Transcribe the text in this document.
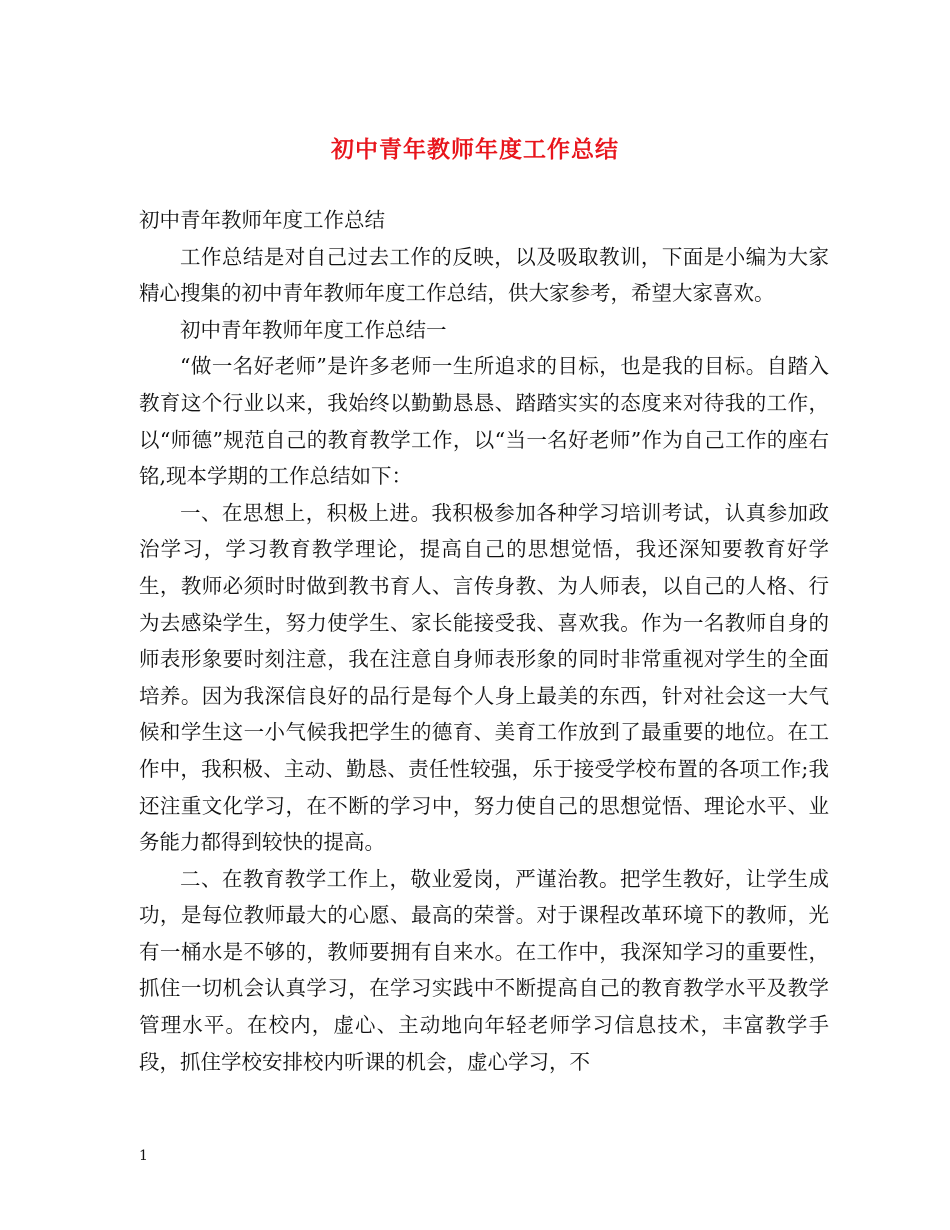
初中青年教师年度工作总结

初中青年教师年度工作总结

工作总结是对自己过去工作的反映，以及吸取教训，下面是小编为大家精心搜集的初中青年教师年度工作总结，供大家参考，希望大家喜欢。

初中青年教师年度工作总结一

“做一名好老师”是许多老师一生所追求的目标，也是我的目标。自踏入教育这个行业以来，我始终以勤勤恳恳、踏踏实实的态度来对待我的工作，以“师德”规范自己的教育教学工作，以“当一名好老师”作为自己工作的座右铭,现本学期的工作总结如下：

一、在思想上，积极上进。我积极参加各种学习培训考试，认真参加政治学习，学习教育教学理论，提高自己的思想觉悟，我还深知要教育好学生，教师必须时时做到教书育人、言传身教、为人师表，以自己的人格、行为去感染学生，努力使学生、家长能接受我、喜欢我。作为一名教师自身的师表形象要时刻注意，我在注意自身师表形象的同时非常重视对学生的全面培养。因为我深信良好的品行是每个人身上最美的东西，针对社会这一大气候和学生这一小气候我把学生的德育、美育工作放到了最重要的地位。在工作中，我积极、主动、勤恳、责任性较强，乐于接受学校布置的各项工作;我还注重文化学习，在不断的学习中，努力使自己的思想觉悟、理论水平、业务能力都得到较快的提高。

二、在教育教学工作上，敬业爱岗，严谨治教。把学生教好，让学生成功，是每位教师最大的心愿、最高的荣誉。对于课程改革环境下的教师，光有一桶水是不够的，教师要拥有自来水。在工作中，我深知学习的重要性，抓住一切机会认真学习，在学习实践中不断提高自己的教育教学水平及教学管理水平。在校内，虚心、主动地向年轻老师学习信息技术，丰富教学手段，抓住学校安排校内听课的机会，虚心学习，不

1
